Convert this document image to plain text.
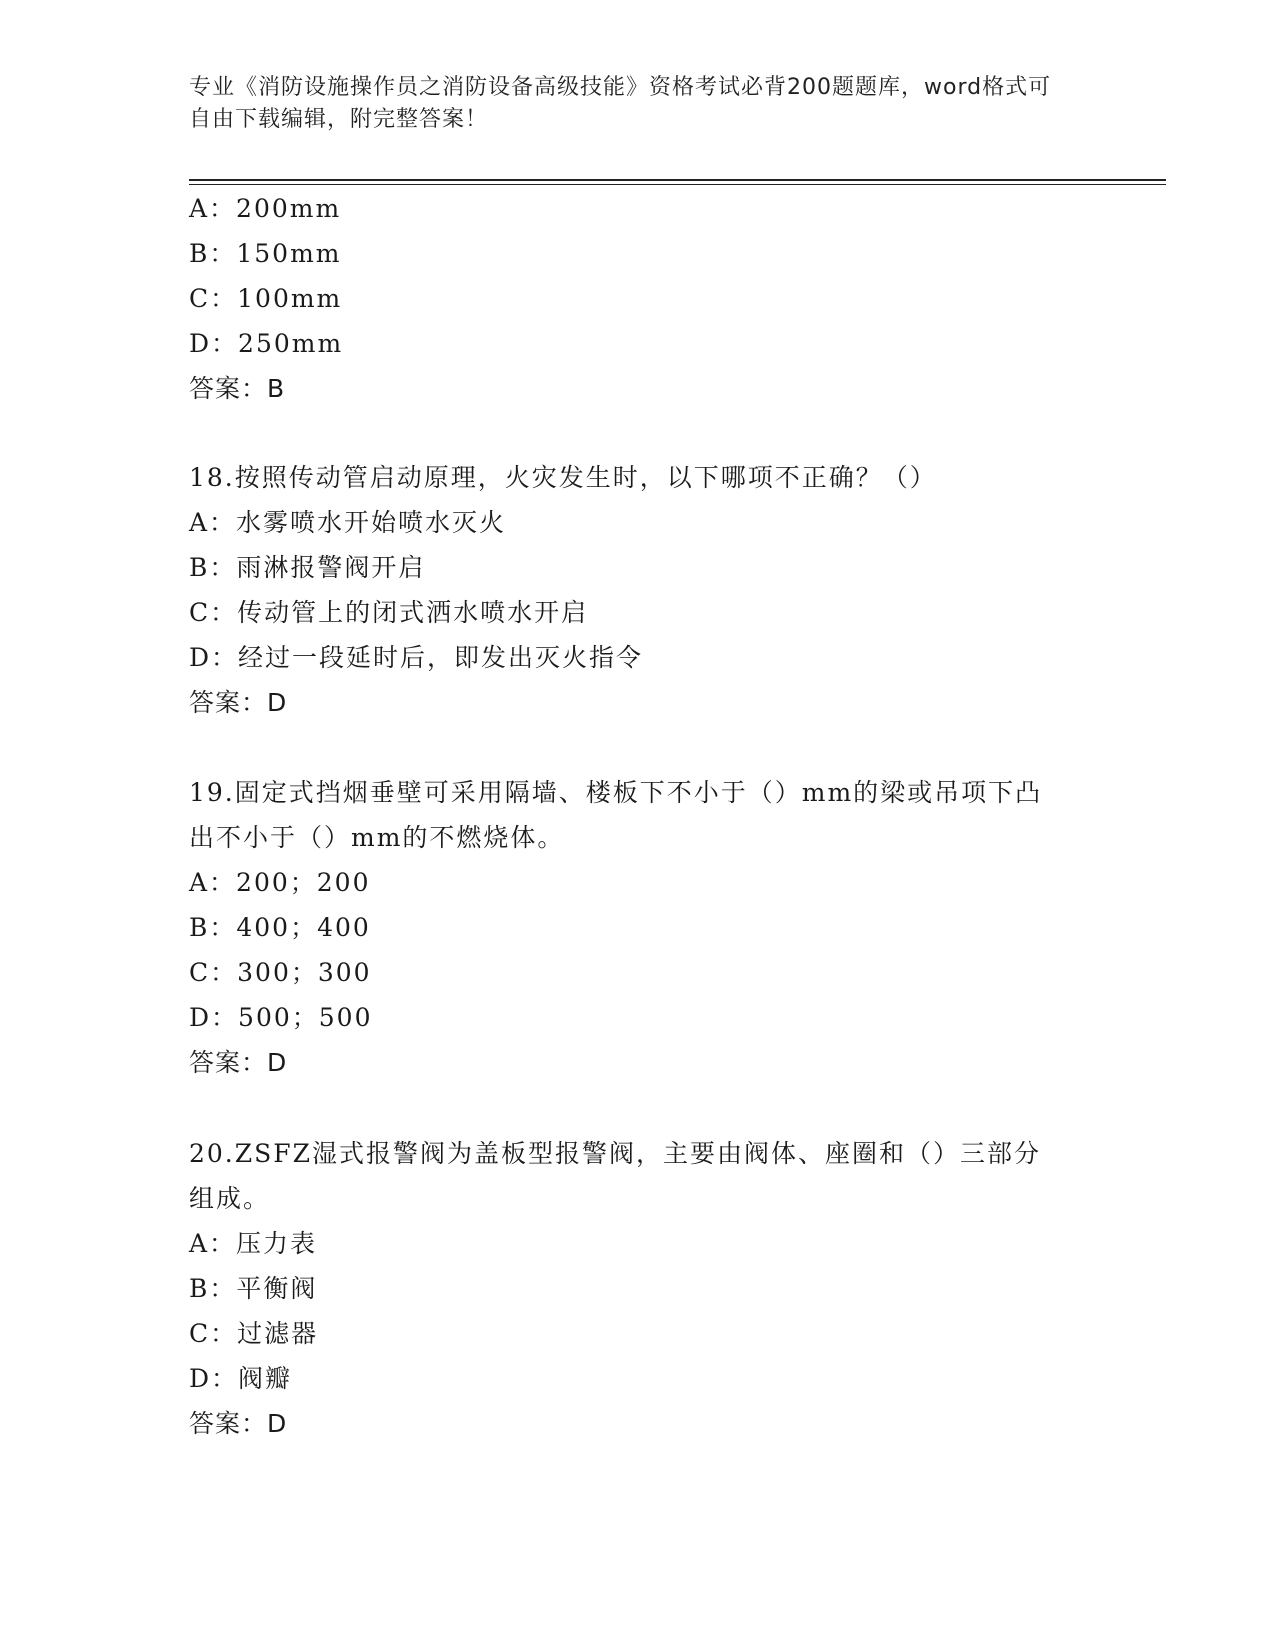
专业《消防设施操作员之消防设备高级技能》资格考试必背200题题库，word格式可自由下载编辑，附完整答案！
A：200mm
B：150mm
C：100mm
D：250mm
答案：B
18.按照传动管启动原理，火灾发生时，以下哪项不正确？（）
A：水雾喷水开始喷水灭火
B：雨淋报警阀开启
C：传动管上的闭式洒水喷水开启
D：经过一段延时后，即发出灭火指令
答案：D
19.固定式挡烟垂壁可采用隔墙、楼板下不小于（）mm的梁或吊项下凸
出不小于（）mm的不燃烧体。
A：200；200
B：400；400
C：300；300
D：500；500
答案：D
20.ZSFZ湿式报警阀为盖板型报警阀，主要由阀体、座圈和（）三部分
组成。
A：压力表
B：平衡阀
C：过滤器
D：阀瓣
答案：D
